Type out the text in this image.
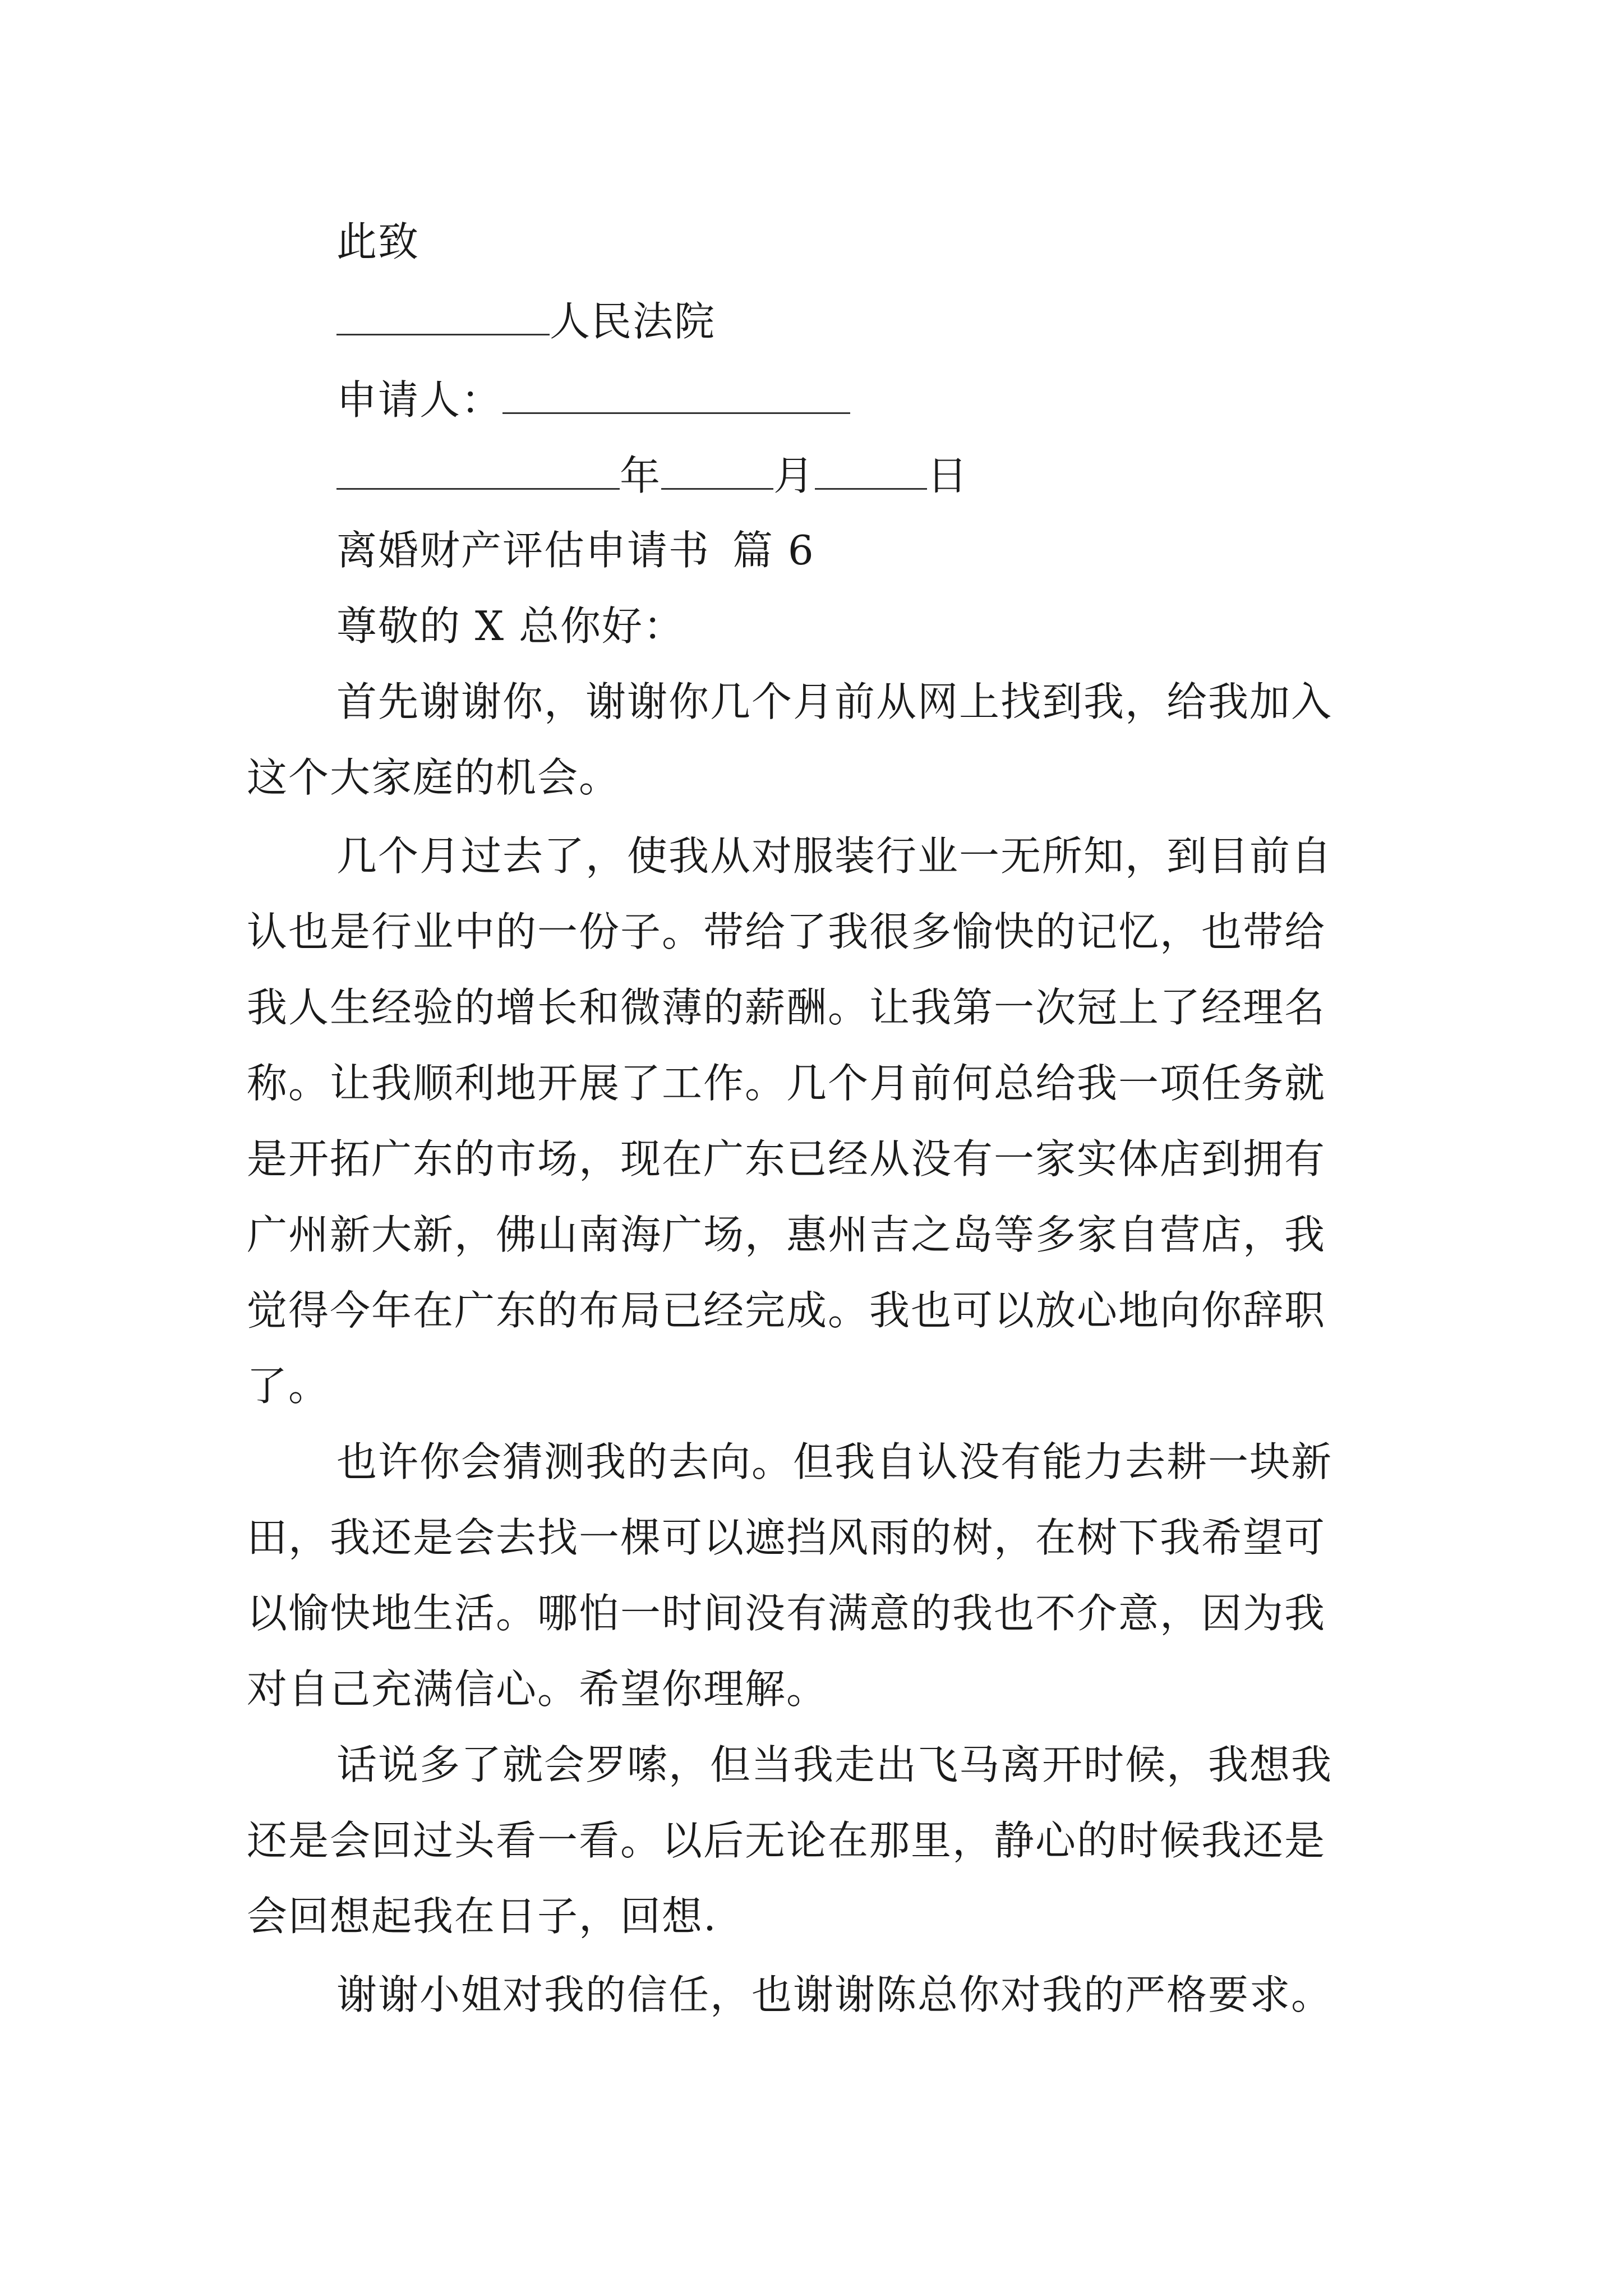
此致
人民法院
申请人：
年	月	日
离婚财产评估申请书 篇 6
尊敬的 X 总你好：
首先谢谢你，谢谢你几个月前从网上找到我，给我加入
这个大家庭的机会。
几个月过去了，使我从对服装行业一无所知，到目前自
认也是行业中的一份子。带给了我很多愉快的记忆，也带给
我人生经验的增长和微薄的薪酬。让我第一次冠上了经理名
称。让我顺利地开展了工作。几个月前何总给我一项任务就
是开拓广东的市场，现在广东已经从没有一家实体店到拥有
广州新大新，佛山南海广场，惠州吉之岛等多家自营店，我
觉得今年在广东的布局已经完成。我也可以放心地向你辞职
了。
也许你会猜测我的去向。但我自认没有能力去耕一块新
田，我还是会去找一棵可以遮挡风雨的树，在树下我希望可
以愉快地生活。哪怕一时间没有满意的我也不介意，因为我
对自己充满信心。希望你理解。
话说多了就会罗嗦，但当我走出飞马离开时候，我想我
还是会回过头看一看。以后无论在那里，静心的时候我还是
会回想起我在日子，回想.
谢谢小姐对我的信任，也谢谢陈总你对我的严格要求。
